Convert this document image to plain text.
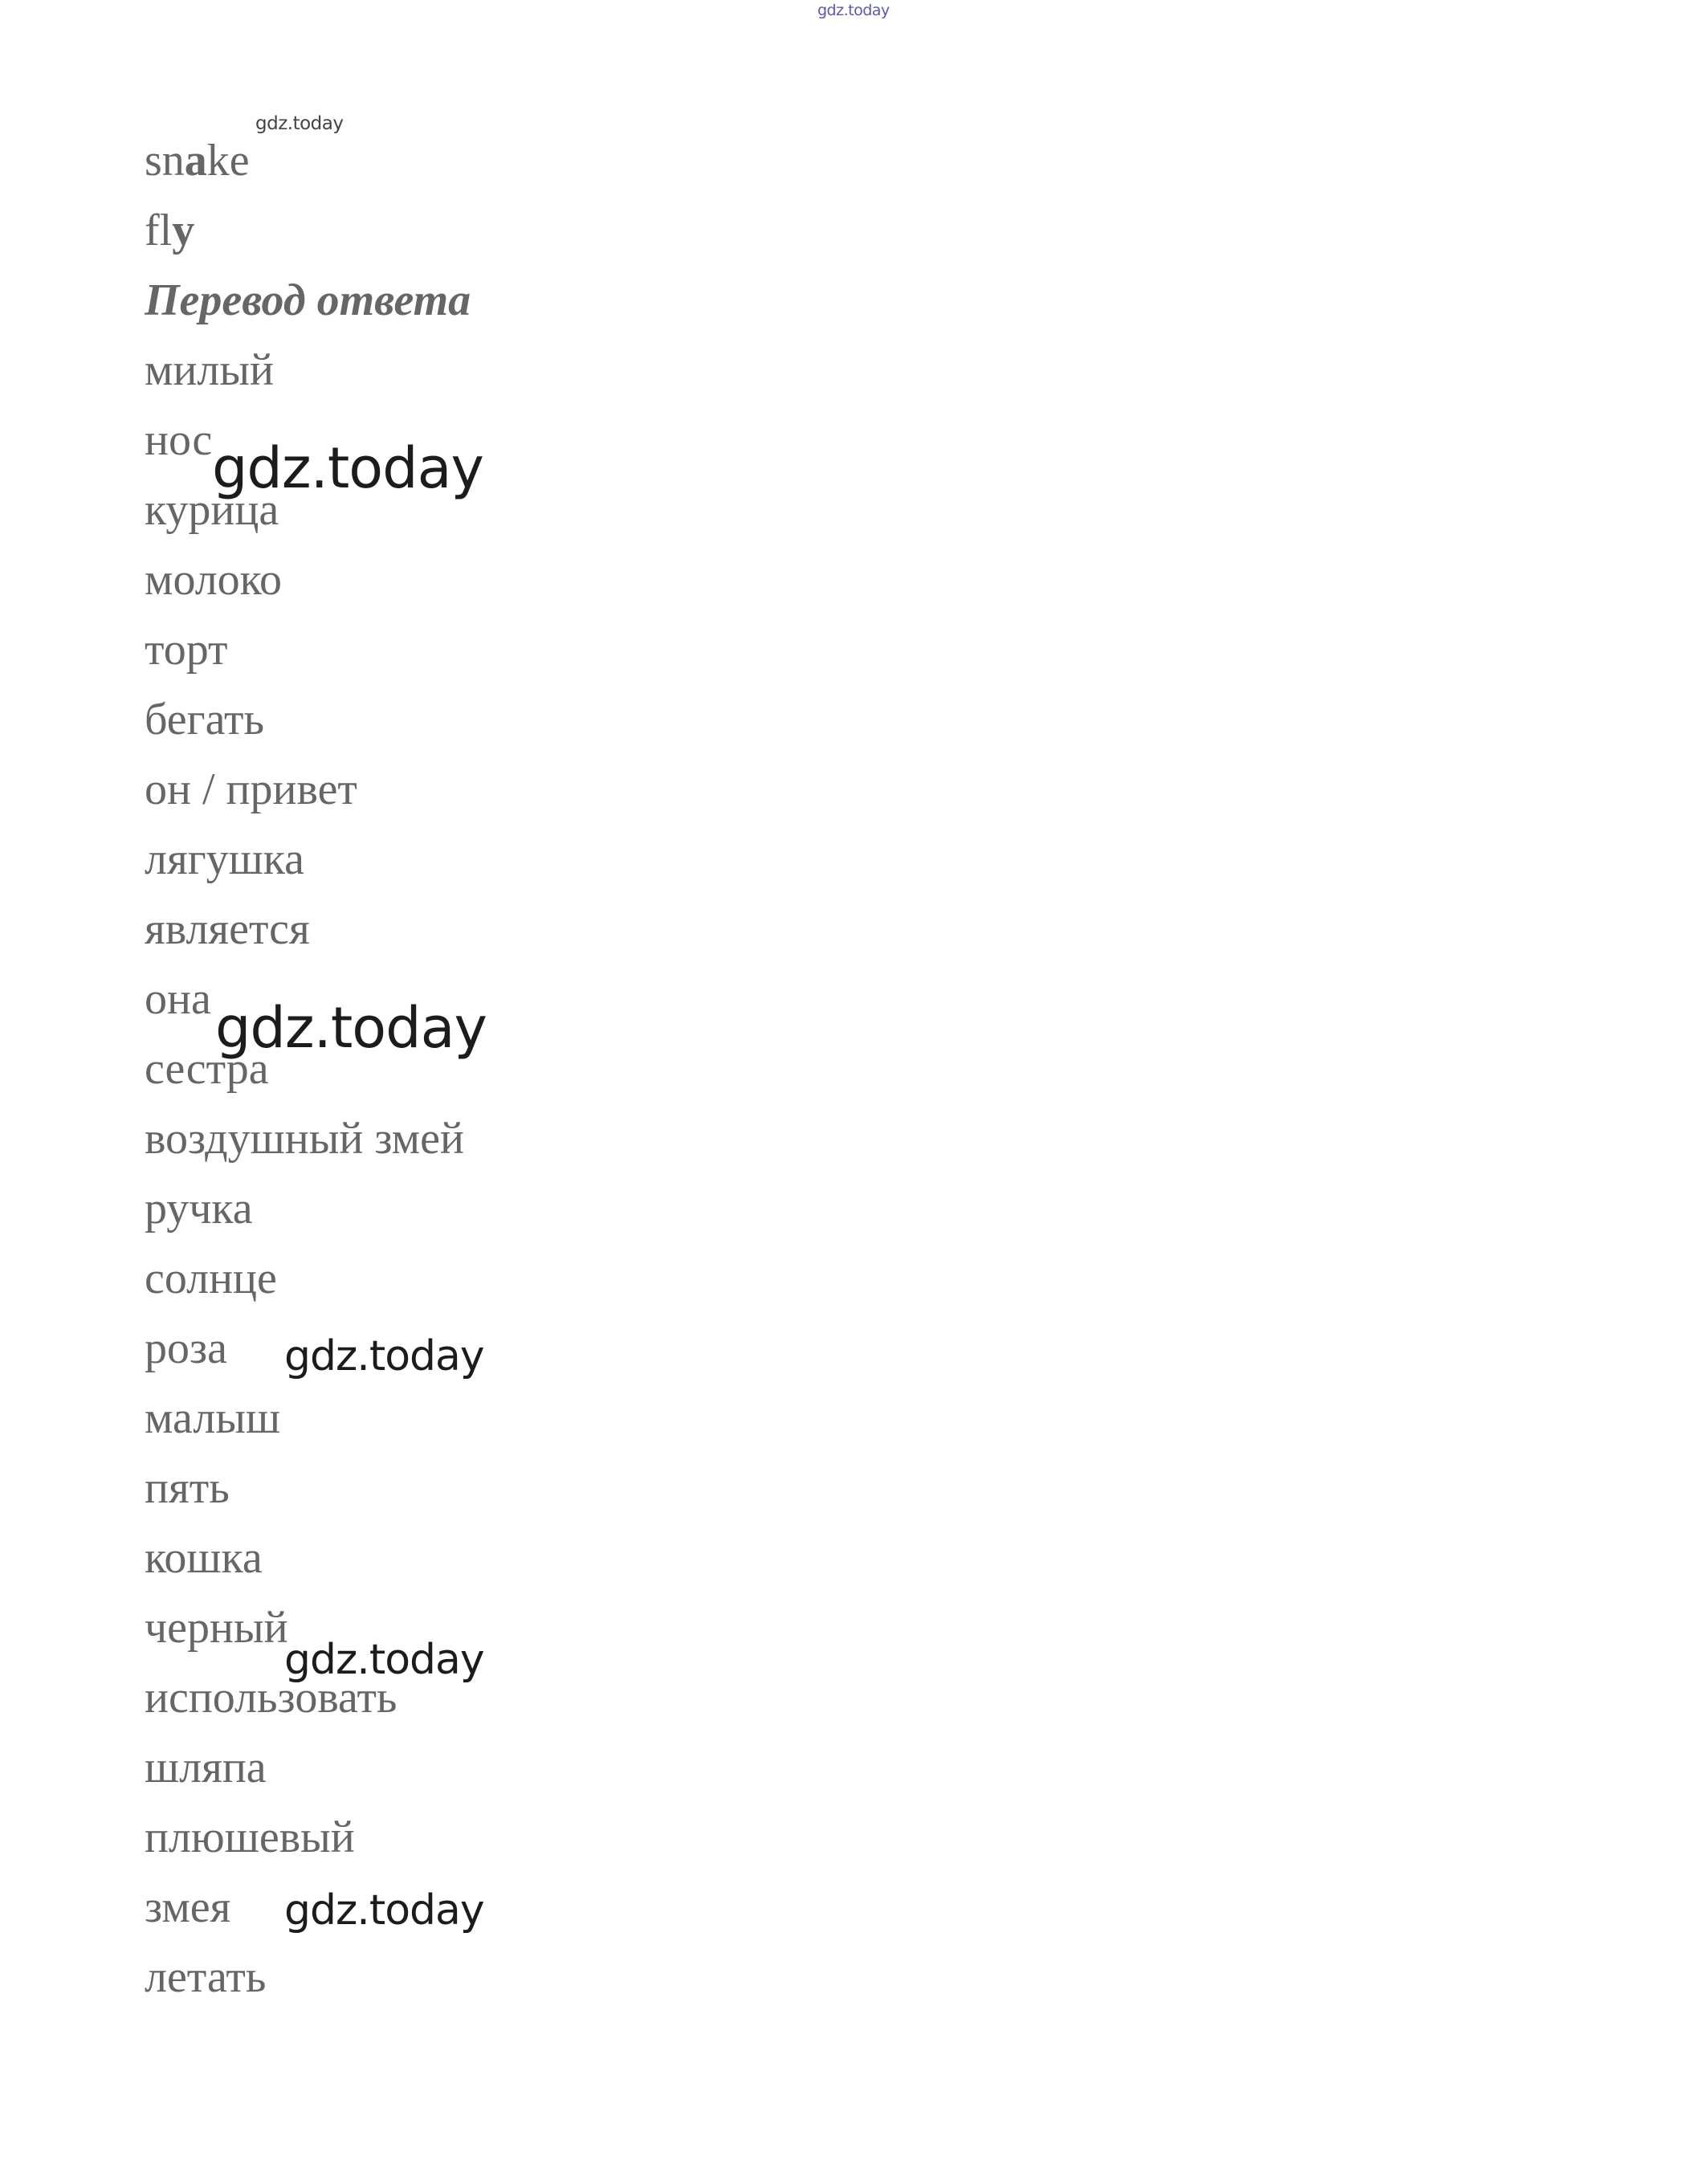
gdz.today
snake
gdz.today
fly
Перевод ответа
милый
нос
курица
молоко
торт
бегать
он / привет
лягушка
является
она
сестра
воздушный змей
ручка
солнце
роза
малыш
пять
кошка
черный
использовать
шляпа
плюшевый
змея
летать
gdz.today
gdz.today
gdz.today
gdz.today
gdz.today
